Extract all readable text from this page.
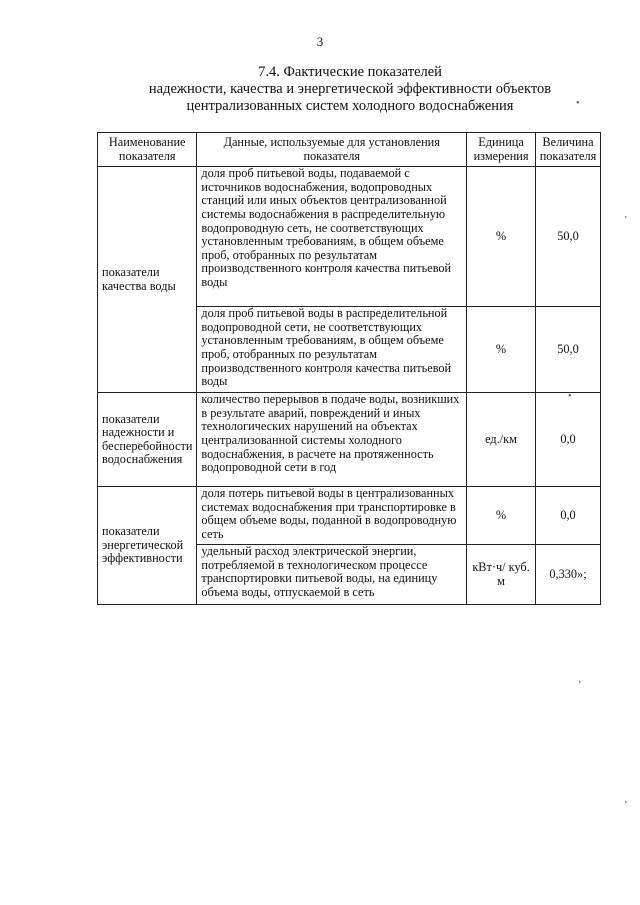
3
7.4. Фактические показателей
надежности, качества и энергетической эффективности объектов
централизованных систем холодного водоснабжения
Наименование показателя	Данные, используемые для установления показателя	Единица измерения	Величина показателя
показатели качества воды	доля проб питьевой воды, подаваемой с источников водоснабжения, водопроводных станций или иных объектов централизованной системы водоснабжения в распределительную водопроводную сеть, не соответствующих установленным требованиям, в общем объеме проб, отобранных по результатам производственного контроля качества питьевой воды	%	50,0
	доля проб питьевой воды в распределительной водопроводной сети, не соответствующих установленным требованиям, в общем объеме проб, отобранных по результатам производственного контроля качества питьевой воды	%	50,0
показатели надежности и бесперебойности водоснабжения	количество перерывов в подаче воды, возникших в результате аварий, повреждений и иных технологических нарушений на объектах централизованной системы холодного водоснабжения, в расчете на протяженность водопроводной сети в год	ед./км	0,0
показатели энергетической эффективности	доля потерь питьевой воды в централизованных системах водоснабжения при транспортировке в общем объеме воды, поданной в водопроводную сеть	%	0,0
	удельный расход электрической энергии, потребляемой в технологическом процессе транспортировки питьевой воды, на единицу объема воды, отпускаемой в сеть	кВт·ч/ куб. м	0,330»;
•
ʼ
•
ʼ
ʼ
